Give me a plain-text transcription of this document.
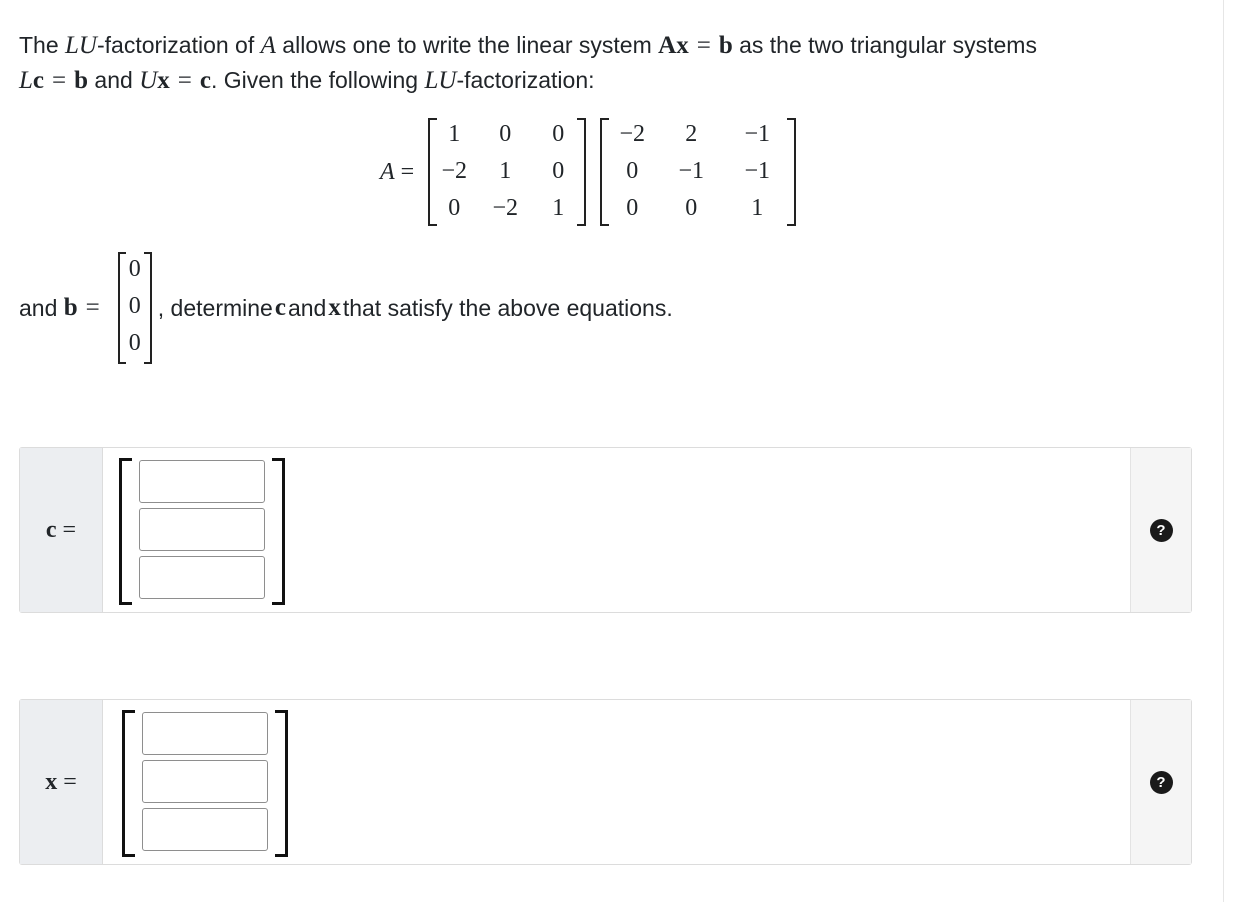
The LU-factorization of A allows one to write the linear system Ax = b as the two triangular systems
Lc = b and Ux = c. Given the following LU-factorization:
A =
1 0 0
−2 1 0
0 −2 1
−2 2 −1
0 −1 −1
0 0 1
and
b =
0
0
0
, determine c and x that satisfy the above equations.
c =	?
x =	?
